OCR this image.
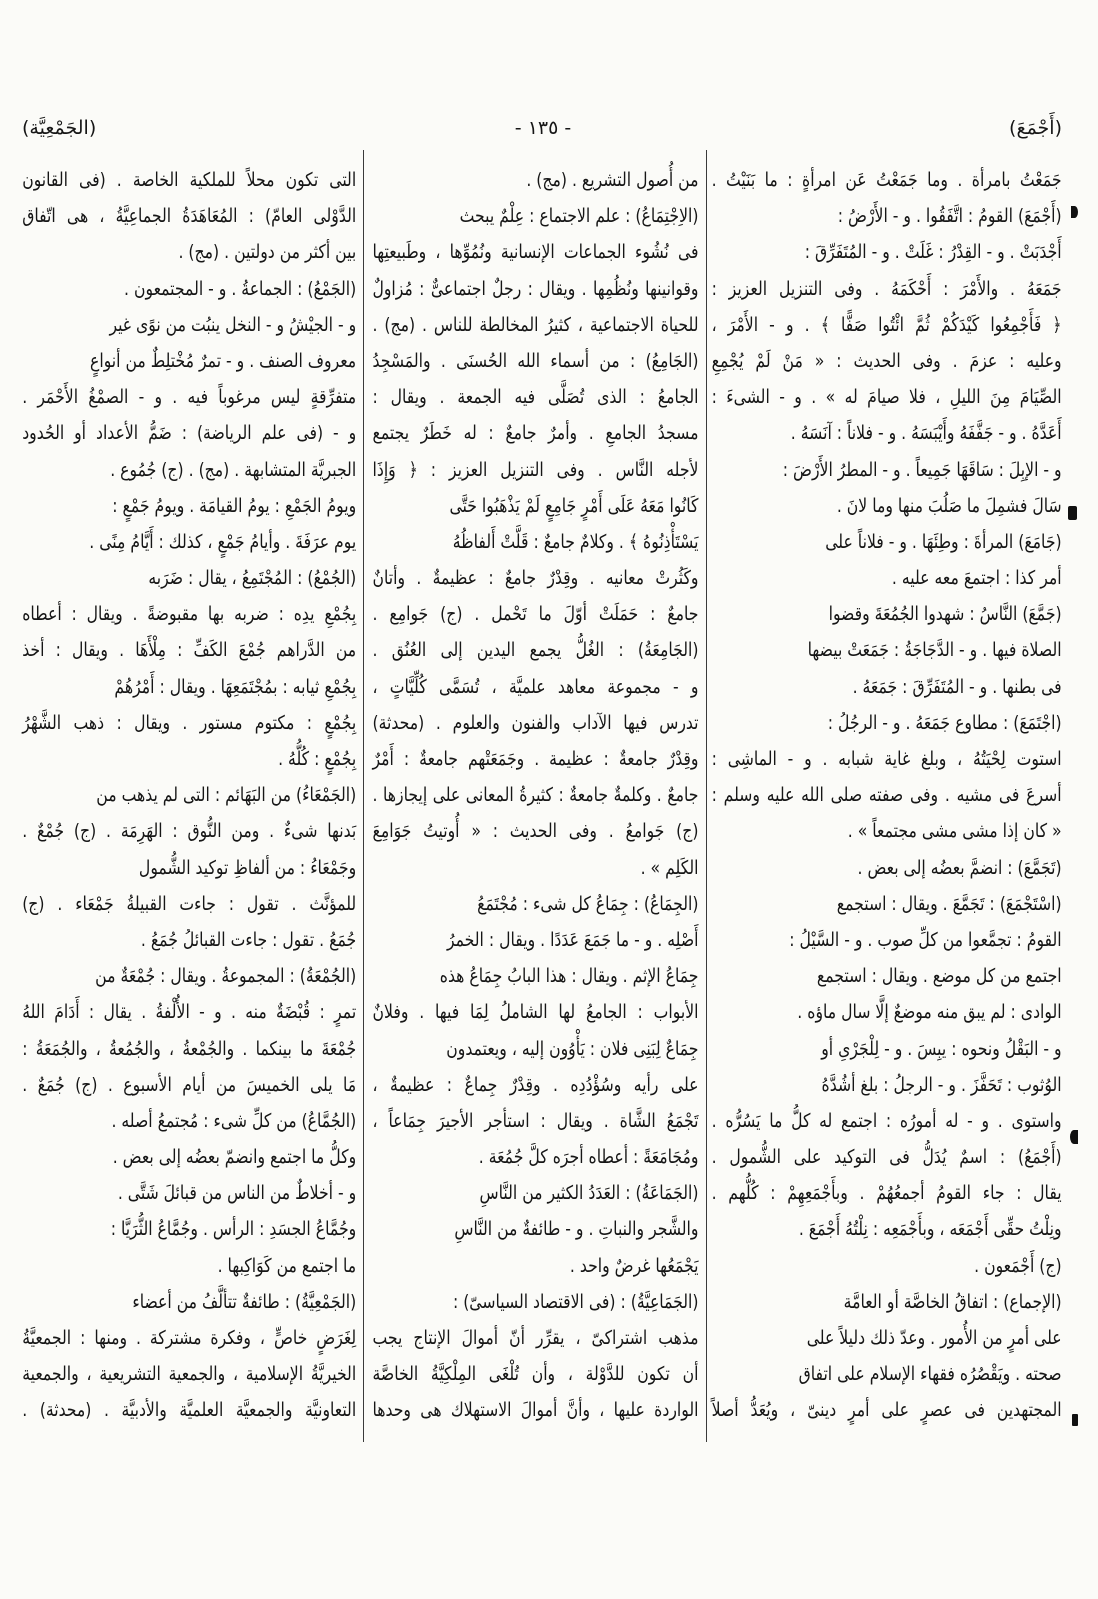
(أَجْمَعَ)
- ١٣٥ -
(الجَمْعِيَّة)
جَمَعْتُ بامرأة . وما جَمَعْتُ عَن امرأةٍ : ما بَنَيْتُ .
(أَجْمَعَ) القومُ : اتَّفَقُوا . و - الأَرْضُ :
أَجْدَبَتْ . و - القِدْرُ : غَلَتْ . و - المُتَفَرِّقَ :
جَمَعَهُ . والأَمْرَ : أَحْكَمَهُ . وفى التنزيل العزيز :
﴿ فَأَجْمِعُوا كَيْدَكُمْ ثُمَّ ائْتُوا صَفًّا ﴾ . و - الأَمْرَ ،
وعليه : عزمَ . وفى الحديث : « مَنْ لَمْ يُجْمِعِ
الصِّيَامَ مِنَ الليلِ ، فلا صيامَ له » . و - الشىءَ :
أَعَدَّهُ . و - جَفَّفَهُ وأَيْبَسَهُ . و - فلاناً : آنَسَهُ .
و - الإبِلَ : سَاقَهَا جَمِيعاً . و - المطرُ الأَرْضَ :
سَالَ فشمِلَ ما صَلُبَ منها وما لانَ .
(جَامَعَ) المرأةَ : وطِئَهَا . و - فلاناً على
أمر كذا : اجتمعَ معه عليه .
(جَمَّعَ) النَّاسُ : شهدوا الجُمُعَةَ وقضوا
الصلاة فيها . و - الدَّجَاجَةُ : جَمَعَتْ بيضها
فى بطنها . و - المُتَفَرِّقَ : جَمَعَهُ .
(اجْتَمَعَ) : مطاوع جَمَعَهُ . و - الرجُلُ :
استوت لِحْيَتُهُ ، وبلغ غاية شبابه . و - الماشِى :
أسرعَ فى مشيه . وفى صفته صلى الله عليه وسلم :
« كان إذا مشى مشى مجتمعاً » .
(تَجَمَّعَ) : انضمَّ بعضُه إلى بعض .
(اسْتَجْمَعَ) : تَجَمَّعَ . ويقال : استجمع
القومُ : تجمَّعوا من كلِّ صوب . و - السَّيْلُ :
اجتمع من كل موضع . ويقال : استجمع
الوادى : لم يبق منه موضعٌ إلَّا سال ماؤه .
و - البَقْلُ ونحوه : يبِسَ . و - لِلْجَرْىِ أو
الوُثوب : تَحَفَّزَ . و - الرجلُ : بلغ أشُدَّهُ
واستوى . و - له أمورُه : اجتمع له كلُّ ما يَسُرُّه .
(أَجْمَعُ) : اسمٌ يُدَلُّ فى التوكيد على الشُّمول .
يقال : جاء القومُ أجمعُهُمْ . وبأَجْمَعِهِمْ : كُلُّهم .
ونِلْتُ حقِّى أَجْمَعَه ، وبأَجْمَعِه : نِلْتُهُ أَجْمَعَ .
(ج) أَجْمَعون .
(الإجماع) : اتفاقُ الخاصَّة أو العامَّة
على أمرٍ من الأُمور . وعدّ ذلك دليلاً على
صحته . ويَقْصُرُه فقهاء الإسلام على اتفاق
المجتهدين فى عصرٍ على أمرٍ دينىّ ، ويُعَدُّ أصلاً
من أُصول التشريع . (مج) .
(الاِجْتِمَاعُ) : علم الاجتماع : عِلْمٌ يبحث
فى نُشُوء الجماعات الإنسانية ونُمُوِّها ، وطَبيعتِها
وقوانينها ونُظُمِها . ويقال : رجلٌ اجتماعىٌّ : مُزاولٌ
للحياة الاجتماعية ، كثيرُ المخالطة للناس . (مج) .
(الجَامِعُ) : من أسماء الله الحُسنَى . والمَسْجِدُ
الجامعُ : الذى تُصَلَّى فيه الجمعة . ويقال :
مسجدُ الجامعِ . وأمرٌ جامعٌ : له خَطَرٌ يجتمع
لأجله النَّاس . وفى التنزيل العزيز : ﴿ وَإِذَا
كَانُوا مَعَهُ عَلَى أَمْرٍ جَامِعٍ لَمْ يَذْهَبُوا حَتَّى
يَسْتَأْذِنُوهُ ﴾ . وكلامٌ جامعٌ : قَلَّتْ أَلفاظُهُ
وكَثُرتْ معانيه . وقِدْرٌ جامعٌ : عظيمةٌ . وأتانٌ
جامعٌ : حَمَلَتْ أوّلَ ما تَحْمل . (ج) جَوامِع .
(الجَامِعَةُ) : الغُلُّ يجمع اليدين إلى العُنُق .
و - مجموعة معاهد علميَّة ، تُسَمَّى كُلِّيَّاتٍ ،
تدرس فيها الآداب والفنون والعلوم . (محدثة)
وقِدْرٌ جامعةٌ : عظيمة . وجَمَعَتْهم جامعةٌ : أَمْرٌ
جامعٌ . وكلمةٌ جامعةٌ : كثيرةُ المعانى على إيجازها .
(ج) جَوامعُ . وفى الحديث : « أُوتيتُ جَوَامِعَ
الكَلِم » .
(الجِمَاعُ) : جِمَاعُ كل شىء : مُجْتَمَعُ
أَصْلِه . و - ما جَمَعَ عَدَدًا . ويقال : الخمرُ
جِمَاعُ الإثم . ويقال : هذا البابُ جِمَاعُ هذه
الأبواب : الجامعُ لها الشاملُ لِمَا فيها . وفلانٌ
جِمَاعٌ لِبَنِى فلان : يَأْوُون إليه ، ويعتمدون
على رأيه وسُؤْدُدِه . وقِدْرٌ جِماعٌ : عظيمةٌ ،
تَجْمَعُ الشَّاة . ويقال : استأجر الأجيرَ جِمَاعاً ،
ومُجَامَعَةً : أعطاه أجرَه كلَّ جُمُعَة .
(الجَمَاعَةُ) : العَدَدُ الكثير من النَّاسِ
والشَّجر والنباتِ . و - طائفةٌ من النَّاسِ
يَجْمَعُها غرضٌ واحد .
(الجَمَاعِيَّةُ) : (فى الاقتصاد السياسىّ) :
مذهب اشتراكىّ ، يقرِّر أنّ أموالَ الإنتاج يجب
أن تكون للدَّوْلة ، وأن تُلْغَى المِلْكِيَّةُ الخاصَّة
الواردة عليها ، وأنَّ أموالَ الاستهلاك هى وحدها
التى تكون محلاً للملكية الخاصة . (فى القانون
الدَّوْلى العامّ) : المُعَاهَدَةُ الجماعِيَّةُ ، هى اتّفاق
بين أكثر من دولتين . (مج) .
(الجَمْعُ) : الجماعةُ . و - المجتمعون .
و - الجيْشُ و - النخل ينبُت من نوًى غير
معروف الصنف . و - تمرٌ مُخْتلِطٌ من أنواعٍ
متفرِّقةٍ ليس مرغوباً فيه . و - الصمْغُ الأَحْمَر .
و - (فى علم الرياضة) : ضَمُّ الأعداد أو الحُدود
الجبريَّة المتشابهة . (مج) . (ج) جُمُوع .
ويومُ الجَمْعِ : يومُ القيامَة . ويومُ جَمْعٍ :
يوم عرَفَةَ . وأيامُ جَمْعٍ ، كذلك : أَيَّامُ مِنًى .
(الجُمْعُ) : المُجْتَمِعُ ، يقال : ضَرَبه
بِجُمْعِ يدِه : ضربه بها مقبوضةً . ويقال : أعطاه
من الدَّراهم جُمْعَ الكَفِّ : مِلْأَهَا . ويقال : أخذ
بِجُمْعِ ثيابه : بمُجْتَمَعِهَا . ويقال : أَمْرُهُمْ
بِجُمْعٍ : مكتوم مستور . ويقال : ذهب الشَّهْرُ
بِجُمْعٍ : كُلُّهُ .
(الجَمْعَاءُ) من البَهَائم : التى لم يذهب من
بَدنها شىءٌ . ومن النُّوق : الهَرِمَة . (ج) جُمْعٌ .
وجَمْعَاءُ : من ألفاظِ توكيد الشُّمول
للمؤنَّث . تقول : جاءت القبيلةُ جَمْعَاء . (ج)
جُمَعُ . تقول : جاءت القبائلُ جُمَعُ .
(الجُمْعَةُ) : المجموعةُ . ويقال : جُمْعَةٌ من
تمرٍ : قُبْضَةٌ منه . و - الأُلْفةُ . يقال : أَدَامَ اللهُ
جُمْعَةَ ما بينكما . والجُمْعةُ ، والجُمُعةُ ، والجُمَعَةُ :
مَا يلى الخميسَ من أيام الأسبوع . (ج) جُمَعٌ .
(الجُمَّاعُ) من كلِّ شىء : مُجتمعُ أصله .
وكلُّ ما اجتمع وانضمّ بعضُه إلى بعض .
و - أخلاطٌ من الناس من قبائلَ شَتَّى .
وجُمَّاعُ الجسَدِ : الرأس . وجُمَّاعُ الثُّرَيَّا :
ما اجتمع من كَوَاكِبها .
(الجَمْعِيَّةُ) : طائفةٌ تتألَّفُ من أعضاء
لِغَرَضٍ خاصٍّ ، وفكرة مشتركة . ومنها : الجمعيَّةُ
الخيريَّةُ الإسلامية ، والجمعية التشريعية ، والجمعية
التعاونيَّة والجمعيَّة العلميَّة والأدبيَّة . (محدثة) .
